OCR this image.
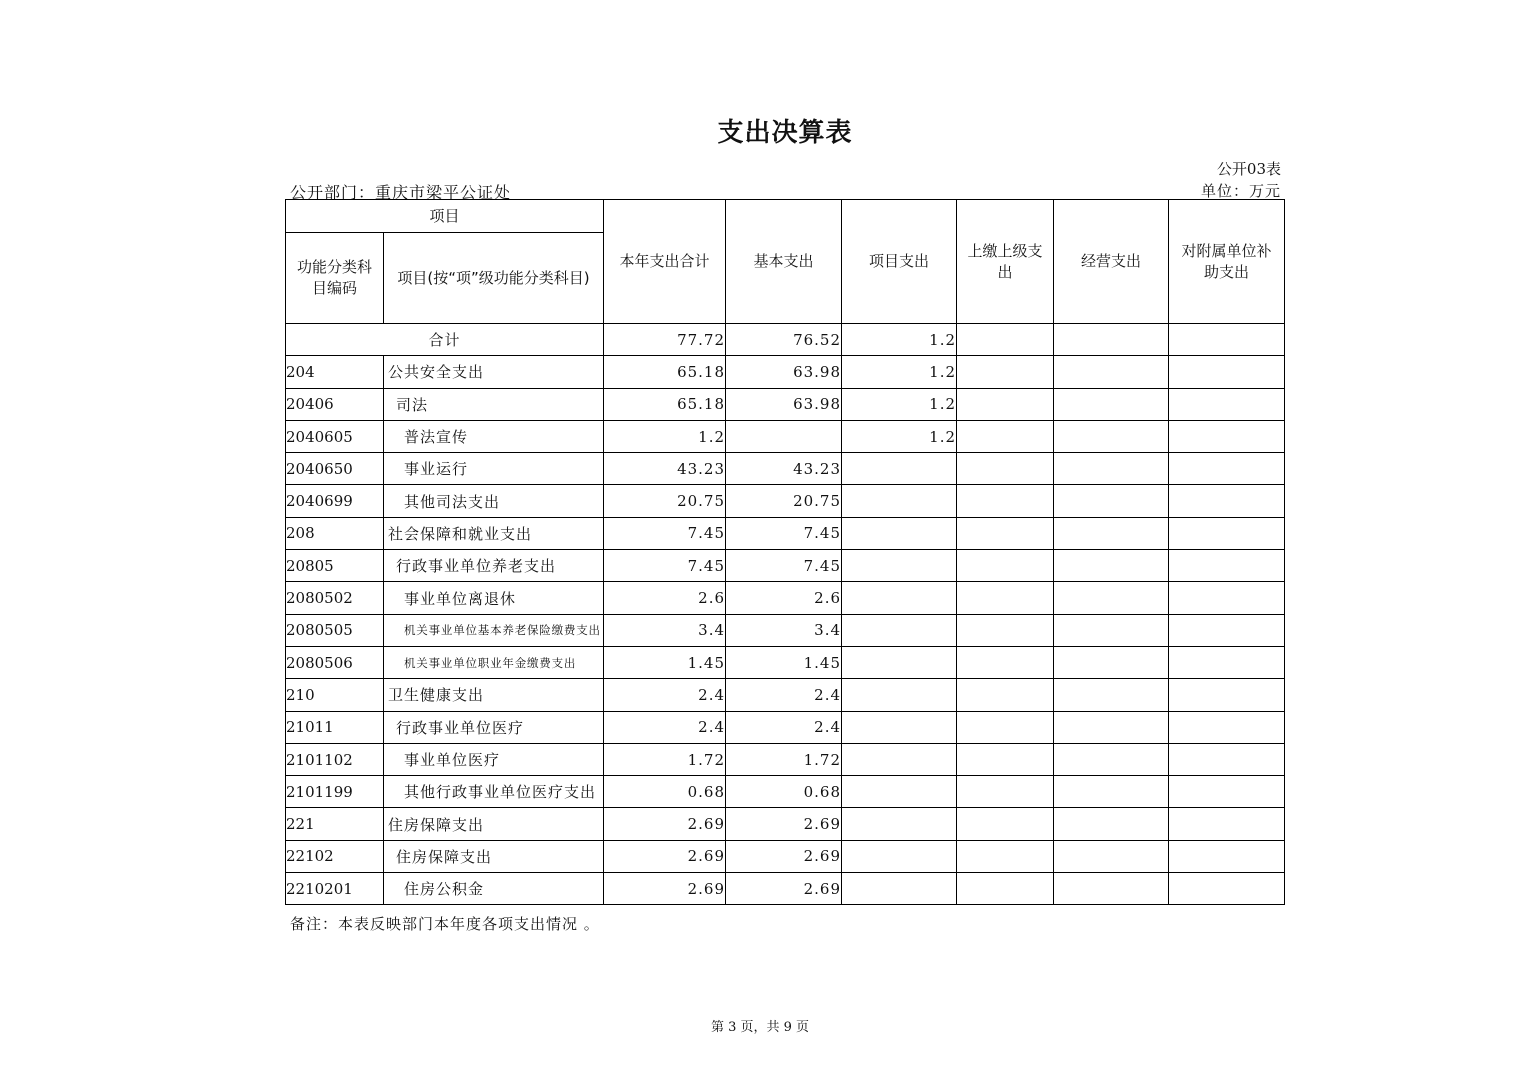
支出决算表
公开03表
公开部门：重庆市梁平公证处	单位：万元
项目		本年支出合计	基本支出	项目支出	上缴上级支出	经营支出	对附属单位补助支出
功能分类科目编码	项目(按“项”级功能分类科目)						
合计		77.72	76.52	1.2			
204	公共安全支出	65.18	63.98	1.2			
20406	司法	65.18	63.98	1.2			
2040605	普法宣传	1.2		1.2			
2040650	事业运行	43.23	43.23				
2040699	其他司法支出	20.75	20.75				
208	社会保障和就业支出	7.45	7.45				
20805	行政事业单位养老支出	7.45	7.45				
2080502	事业单位离退休	2.6	2.6				
2080505	机关事业单位基本养老保险缴费支出	3.4	3.4				
2080506	机关事业单位职业年金缴费支出	1.45	1.45				
210	卫生健康支出	2.4	2.4				
21011	行政事业单位医疗	2.4	2.4				
2101102	事业单位医疗	1.72	1.72				
2101199	其他行政事业单位医疗支出	0.68	0.68				
221	住房保障支出	2.69	2.69				
22102	住房保障支出	2.69	2.69				
2210201	住房公积金	2.69	2.69				
备注：本表反映部门本年度各项支出情况 。
第 3 页，共 9 页
